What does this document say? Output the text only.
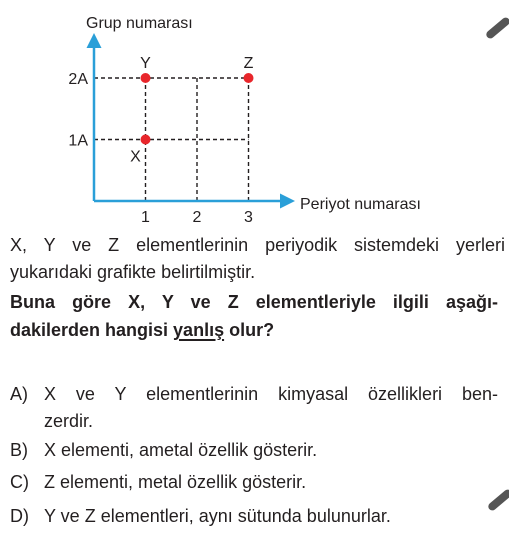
Grup numarası
Periyot numarası
1	2	3
1A
2A
X
Y	Z
X, Y ve Z elementlerinin periyodik sistemdeki yerleri
yukarıdaki grafikte belirtilmiştir.
Buna göre X, Y ve Z elementleriyle ilgili aşağı-
dakilerden hangisi yanlış olur?
A) X ve Y elementlerinin kimyasal özellikleri ben-
zerdir.
B) X elementi, ametal özellik gösterir.
C) Z elementi, metal özellik gösterir.
D) Y ve Z elementleri, aynı sütunda bulunurlar.
